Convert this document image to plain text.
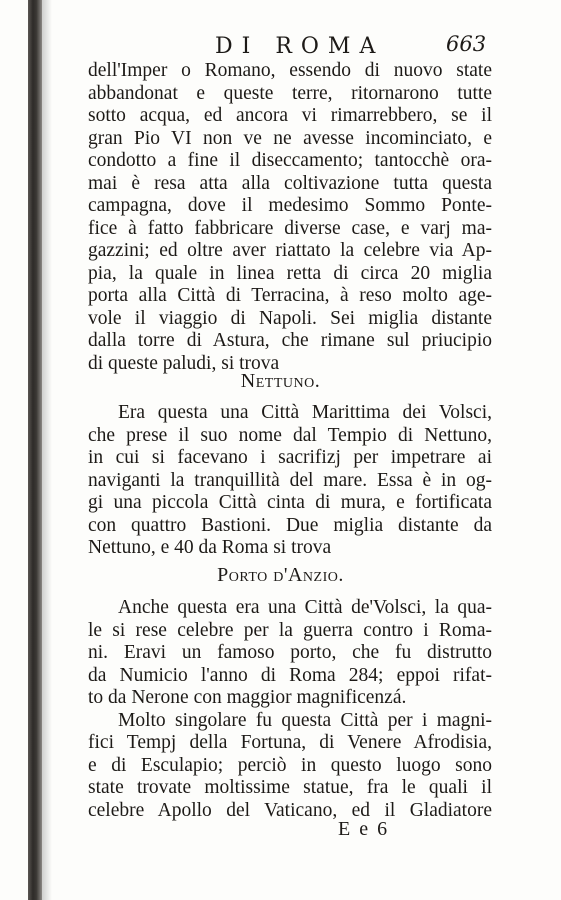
DI ROMA	663
dell'Imper o Romano, essendo di nuovo state
abbandonat e queste terre, ritornarono tutte
sotto acqua, ed ancora vi rimarrebbero, se il
gran Pio VI non ve ne avesse incominciato, e
condotto a fine il diseccamento; tantocchè ora-
mai è resa atta alla coltivazione tutta questa
campagna, dove il medesimo Sommo Ponte-
fice à fatto fabbricare diverse case, e varj ma-
gazzini; ed oltre aver riattato la celebre via Ap-
pia, la quale in linea retta di circa 20 miglia
porta alla Città di Terracina, à reso molto age-
vole il viaggio di Napoli. Sei miglia distante
dalla torre di Astura, che rimane sul priucipio
di queste paludi, si trova
Nettuno.
Era questa una Città Marittima dei Volsci,
che prese il suo nome dal Tempio di Nettuno,
in cui si facevano i sacrifizj per impetrare ai
naviganti la tranquillità del mare. Essa è in og-
gi una piccola Città cinta di mura, e fortificata
con quattro Bastioni. Due miglia distante da
Nettuno, e 40 da Roma si trova
Porto d'Anzio.
Anche questa era una Città de'Volsci, la qua-
le si rese celebre per la guerra contro i Roma-
ni. Eravi un famoso porto, che fu distrutto
da Numicio l'anno di Roma 284; eppoi rifat-
to da Nerone con maggior magnificenzá.
Molto singolare fu questa Città per i magni-
fici Tempj della Fortuna, di Venere Afrodisia,
e di Esculapio; perciò in questo luogo sono
state trovate moltissime statue, fra le quali il
celebre Apollo del Vaticano, ed il Gladiatore
E e 6
